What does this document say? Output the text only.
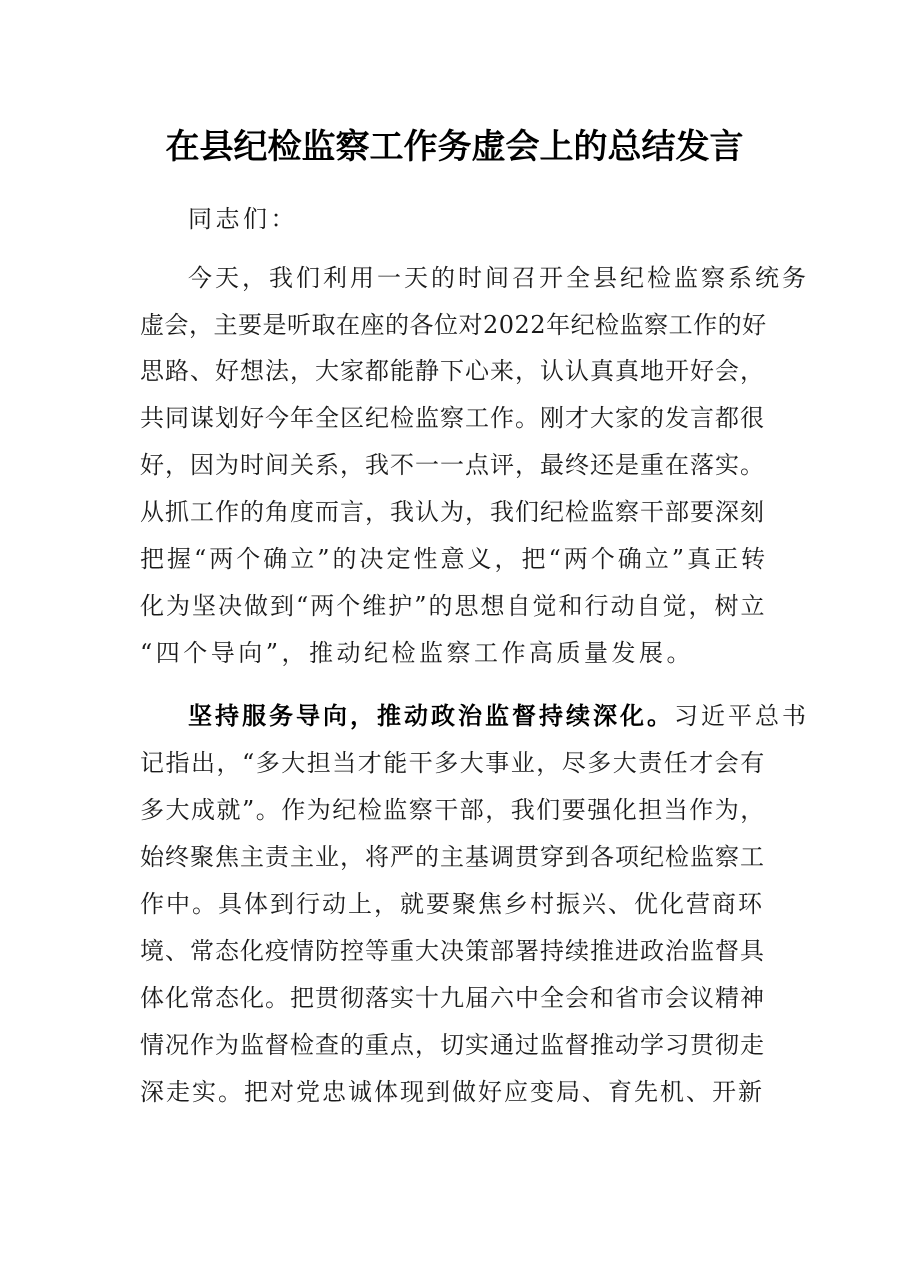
在县纪检监察工作务虚会上的总结发言
同志们：
今天，我们利用一天的时间召开全县纪检监察系统务
虚会，主要是听取在座的各位对2022年纪检监察工作的好
思路、好想法，大家都能静下心来，认认真真地开好会，
共同谋划好今年全区纪检监察工作。刚才大家的发言都很
好，因为时间关系，我不一一点评，最终还是重在落实。
从抓工作的角度而言，我认为，我们纪检监察干部要深刻
把握“两个确立”的决定性意义，把“两个确立”真正转
化为坚决做到“两个维护”的思想自觉和行动自觉，树立
“四个导向”，推动纪检监察工作高质量发展。
坚持服务导向，推动政治监督持续深化。习近平总书
记指出，“多大担当才能干多大事业，尽多大责任才会有
多大成就”。作为纪检监察干部，我们要强化担当作为，
始终聚焦主责主业，将严的主基调贯穿到各项纪检监察工
作中。具体到行动上，就要聚焦乡村振兴、优化营商环
境、常态化疫情防控等重大决策部署持续推进政治监督具
体化常态化。把贯彻落实十九届六中全会和省市会议精神
情况作为监督检查的重点，切实通过监督推动学习贯彻走
深走实。把对党忠诚体现到做好应变局、育先机、开新
